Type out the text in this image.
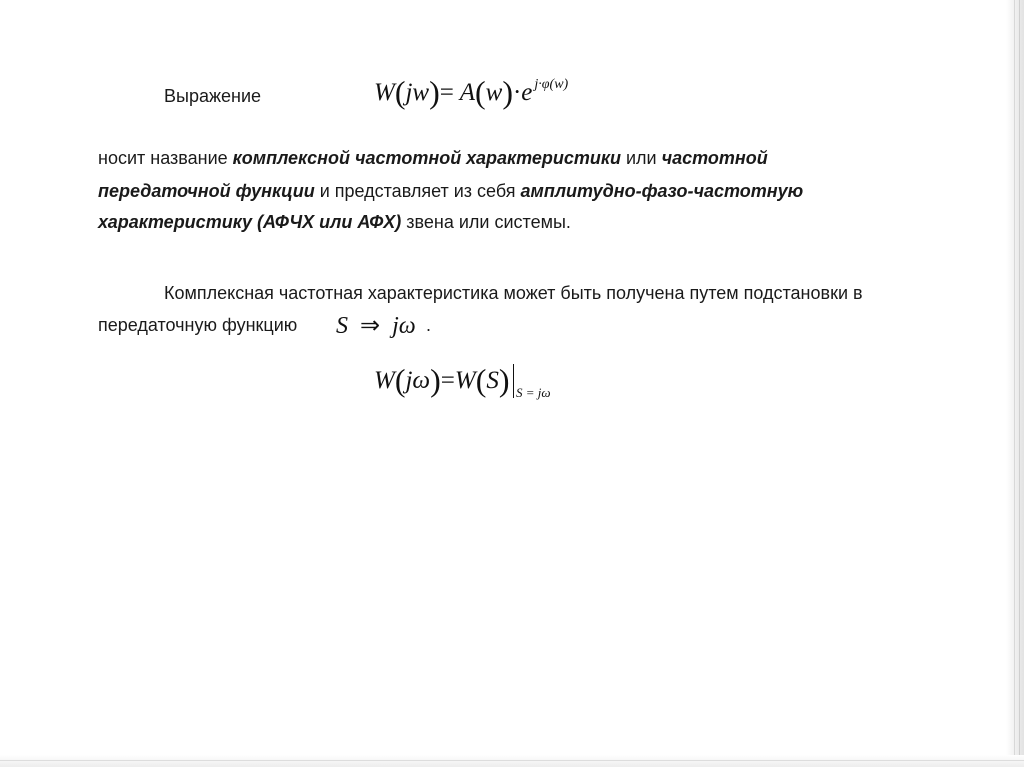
Выражение	W(jw)= A(w)·e $^{j\cdot\varphi(w)}$
носит название комплексной частотной характеристики или частотной
передаточной функции и представляет из себя амплитудно-фазо-частотную
характеристику (АФЧХ или АФХ) звена или системы.
Комплексная частотная характеристика может быть получена путем подстановки в
передаточную функцию S ⇒ jω .
W(jω)=W(S) $_{S = j\omega}$
